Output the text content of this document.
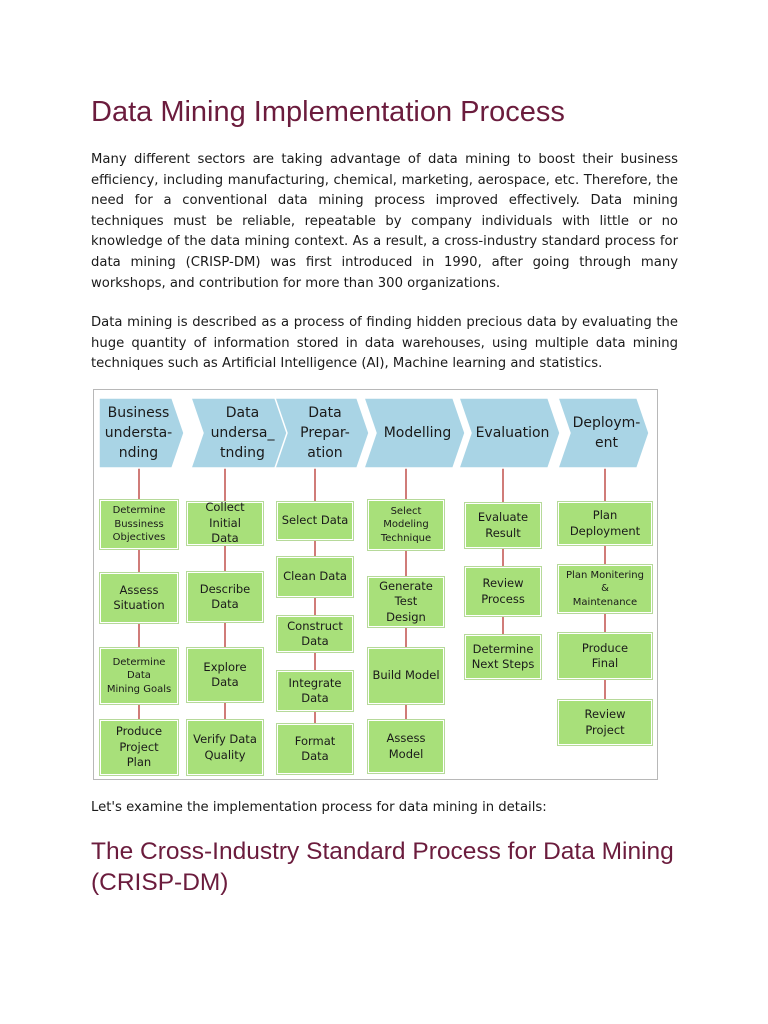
Data Mining Implementation Process

Many different sectors are taking advantage of data mining to boost their business efficiency, including manufacturing, chemical, marketing, aerospace, etc. Therefore, the need for a conventional data mining process improved effectively. Data mining techniques must be reliable, repeatable by company individuals with little or no knowledge of the data mining context. As a result, a cross-industry standard process for data mining (CRISP-DM) was first introduced in 1990, after going through many workshops, and contribution for more than 300 organizations.

Data mining is described as a process of finding hidden precious data by evaluating the huge quantity of information stored in data warehouses, using multiple data mining techniques such as Artificial Intelligence (AI), Machine learning and statistics.

Business
understa-
nding
Determine
Bussiness
Objectives
Assess
Situation
Determine
Data
Mining Goals
Produce
Project
Plan
Data
undersa_
tnding
Collect Initial
Data
Describe
Data
Explore
Data
Verify Data
Quality
Data
Prepar-
ation
Select Data
Clean Data
Construct
Data
Integrate
Data
Format Data
Modelling
Select
Modeling
Technique
Generate
Test
Design
Build Model
Assess Model
Evaluation
Evaluate
Result
Review
Process
Determine
Next Steps
Deploym-
ent
Plan
Deployment
Plan Monitering
&
Maintenance
Produce
Final
Review
Project

Let's examine the implementation process for data mining in details:

The Cross-Industry Standard Process for Data Mining (CRISP-DM)
